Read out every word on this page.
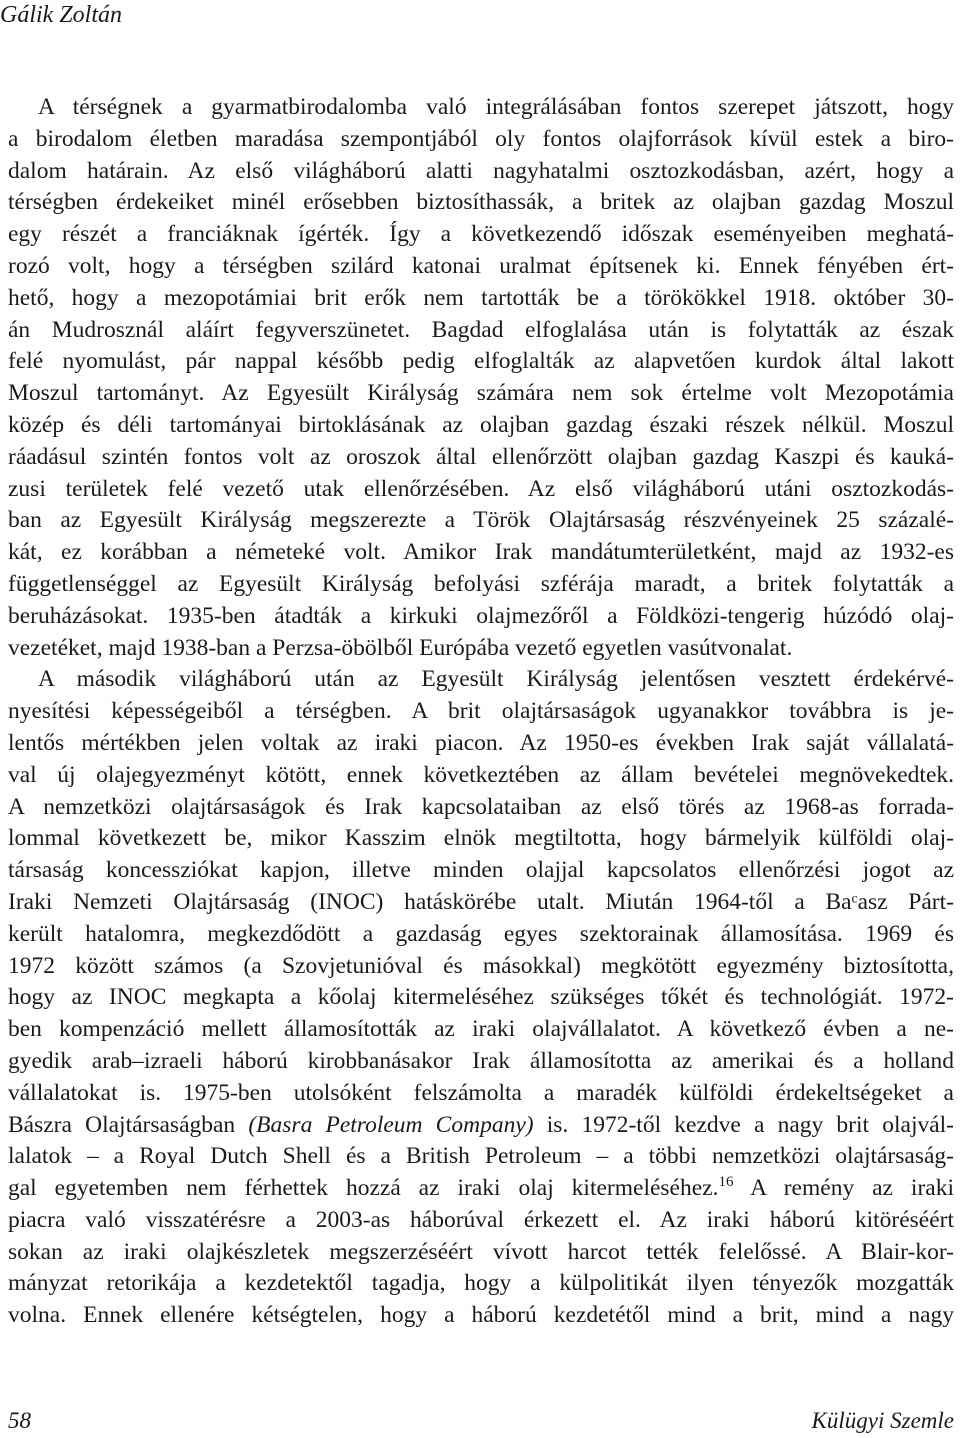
Gálik Zoltán
A térségnek a gyarmatbirodalomba való integrálásában fontos szerepet játszott, hogy
a birodalom életben maradása szempontjából oly fontos olajforrások kívül estek a biro-
dalom határain. Az első világháború alatti nagyhatalmi osztozkodásban, azért, hogy a
térségben érdekeiket minél erősebben biztosíthassák, a britek az olajban gazdag Moszul
egy részét a franciáknak ígérték. Így a következendő időszak eseményeiben meghatá-
rozó volt, hogy a térségben szilárd katonai uralmat építsenek ki. Ennek fényében ért-
hető, hogy a mezopotámiai brit erők nem tartották be a törökökkel 1918. október 30-
án Mudrosznál aláírt fegyverszünetet. Bagdad elfoglalása után is folytatták az észak
felé nyomulást, pár nappal később pedig elfoglalták az alapvetően kurdok által lakott
Moszul tartományt. Az Egyesült Királyság számára nem sok értelme volt Mezopotámia
közép és déli tartományai birtoklásának az olajban gazdag északi részek nélkül. Moszul
ráadásul szintén fontos volt az oroszok által ellenőrzött olajban gazdag Kaszpi és kauká-
zusi területek felé vezető utak ellenőrzésében. Az első világháború utáni osztozkodás-
ban az Egyesült Királyság megszerezte a Török Olajtársaság részvényeinek 25 százalé-
kát, ez korábban a németeké volt. Amikor Irak mandátumterületként, majd az 1932-es
függetlenséggel az Egyesült Királyság befolyási szférája maradt, a britek folytatták a
beruházásokat. 1935-ben átadták a kirkuki olajmezőről a Földközi-tengerig húzódó olaj-
vezetéket, majd 1938-ban a Perzsa-öbölből Európába vezető egyetlen vasútvonalat.
A második világháború után az Egyesült Királyság jelentősen vesztett érdekérvé-
nyesítési képességeiből a térségben. A brit olajtársaságok ugyanakkor továbbra is je-
lentős mértékben jelen voltak az iraki piacon. Az 1950-es években Irak saját vállalatá-
val új olajegyezményt kötött, ennek következtében az állam bevételei megnövekedtek.
A nemzetközi olajtársaságok és Irak kapcsolataiban az első törés az 1968-as forrada-
lommal következett be, mikor Kasszim elnök megtiltotta, hogy bármelyik külföldi olaj-
társaság koncessziókat kapjon, illetve minden olajjal kapcsolatos ellenőrzési jogot az
Iraki Nemzeti Olajtársaság (INOC) hatáskörébe utalt. Miután 1964-től a Baᶜasz Párt-
került hatalomra, megkezdődött a gazdaság egyes szektorainak államosítása. 1969 és
1972 között számos (a Szovjetunióval és másokkal) megkötött egyezmény biztosította,
hogy az INOC megkapta a kőolaj kitermeléséhez szükséges tőkét és technológiát. 1972-
ben kompenzáció mellett államosították az iraki olajvállalatot. A következő évben a ne-
gyedik arab–izraeli háború kirobbanásakor Irak államosította az amerikai és a holland
vállalatokat is. 1975-ben utolsóként felszámolta a maradék külföldi érdekeltségeket a
Bászra Olajtársaságban (Basra Petroleum Company) is. 1972-től kezdve a nagy brit olajvál-
lalatok – a Royal Dutch Shell és a British Petroleum – a többi nemzetközi olajtársaság-
gal egyetemben nem férhettek hozzá az iraki olaj kitermeléséhez.$^{16}$ A remény az iraki
piacra való visszatérésre a 2003-as háborúval érkezett el. Az iraki háború kitöréséért
sokan az iraki olajkészletek megszerzéséért vívott harcot tették felelőssé. A Blair-kor-
mányzat retorikája a kezdetektől tagadja, hogy a külpolitikát ilyen tényezők mozgatták
volna. Ennek ellenére kétségtelen, hogy a háború kezdetétől mind a brit, mind a nagy
58	Külügyi Szemle
